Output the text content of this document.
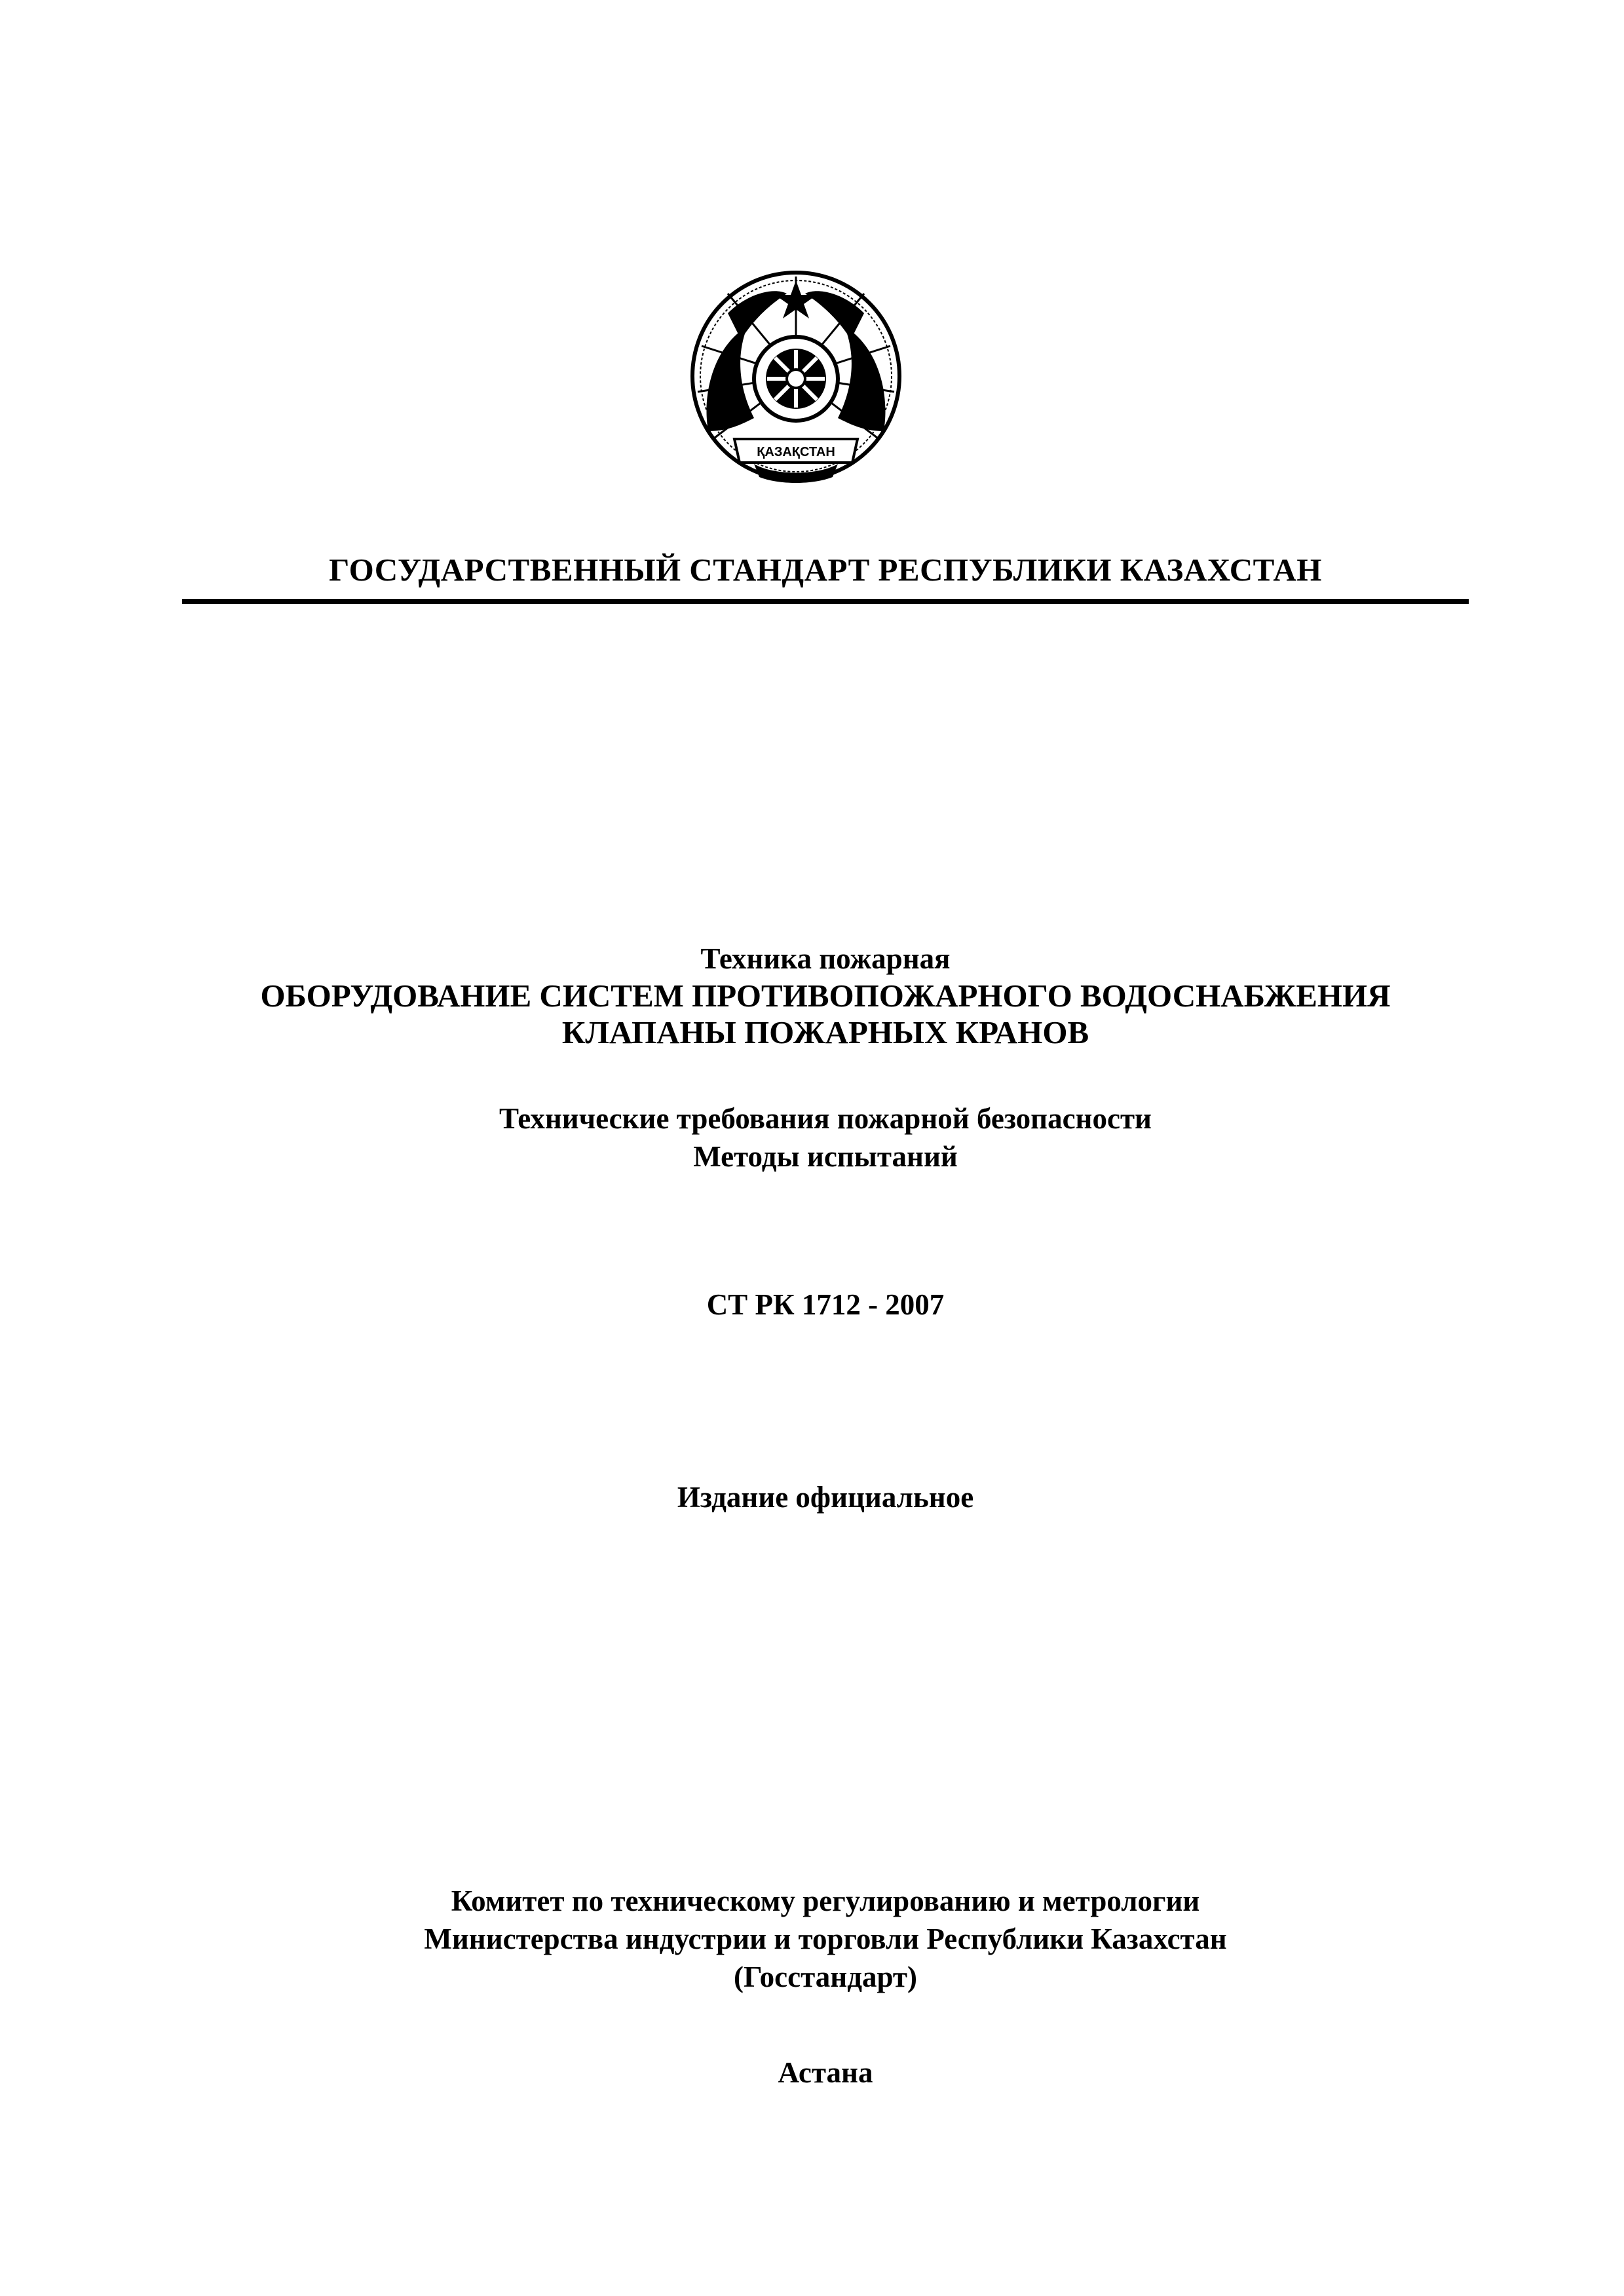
ҚАЗАҚСТАН
ГОСУДАРСТВЕННЫЙ СТАНДАРТ РЕСПУБЛИКИ КАЗАХСТАН
Техника пожарная
ОБОРУДОВАНИЕ СИСТЕМ ПРОТИВОПОЖАРНОГО ВОДОСНАБЖЕНИЯ
КЛАПАНЫ ПОЖАРНЫХ КРАНОВ
Технические требования пожарной безопасности
Методы испытаний
СТ РК 1712 - 2007
Издание официальное
Комитет по техническому регулированию и метрологии
Министерства индустрии и торговли Республики Казахстан
(Госстандарт)
Астана
